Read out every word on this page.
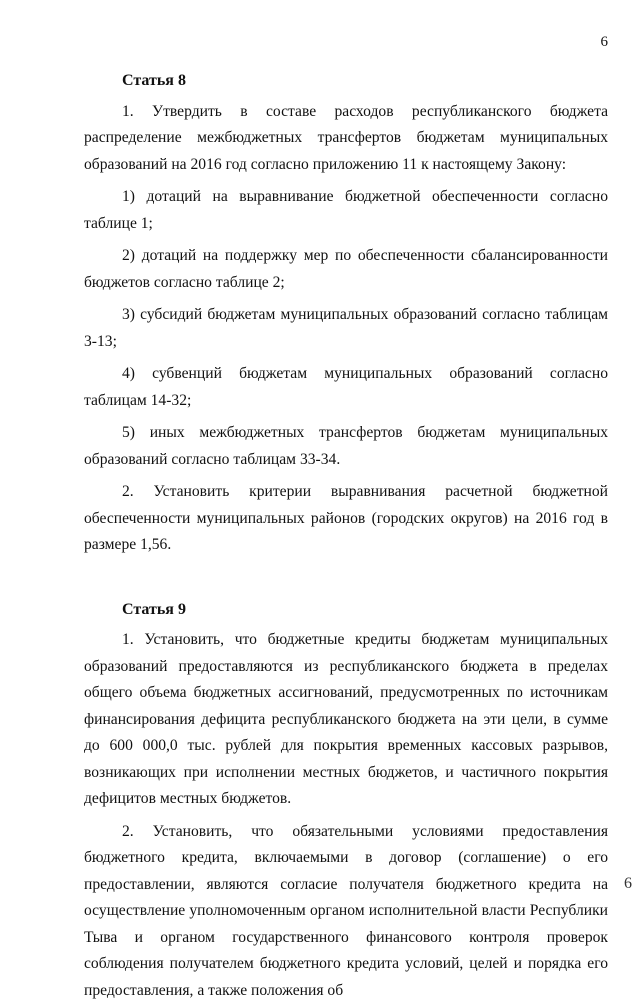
6
Статья 8

1. Утвердить в составе расходов республиканского бюджета распределение межбюджетных трансфертов бюджетам муниципальных образований на 2016 год согласно приложению 11 к настоящему Закону:

1) дотаций на выравнивание бюджетной обеспеченности согласно таблице 1;

2) дотаций на поддержку мер по обеспеченности сбалансированности бюджетов согласно таблице 2;

3) субсидий бюджетам муниципальных образований согласно таблицам 3-13;

4) субвенций бюджетам муниципальных образований согласно таблицам 14-32;

5) иных межбюджетных трансфертов бюджетам муниципальных образований согласно таблицам 33-34.

2. Установить критерии выравнивания расчетной бюджетной обеспеченности муниципальных районов (городских округов) на 2016 год в размере 1,56.

Статья 9

1. Установить, что бюджетные кредиты бюджетам муниципальных образований предоставляются из республиканского бюджета в пределах общего объема бюджетных ассигнований, предусмотренных по источникам финансирования дефицита республиканского бюджета на эти цели, в сумме до 600 000,0 тыс. рублей для покрытия временных кассовых разрывов, возникающих при исполнении местных бюджетов, и частичного покрытия дефицитов местных бюджетов.

2. Установить, что обязательными условиями предоставления бюджетного кредита, включаемыми в договор (соглашение) о его предоставлении, являются согласие получателя бюджетного кредита на осуществление уполномоченным органом исполнительной власти Республики Тыва и органом государственного финансового контроля проверок соблюдения получателем бюджетного кредита условий, целей и порядка его предоставления, а также положения об

6
